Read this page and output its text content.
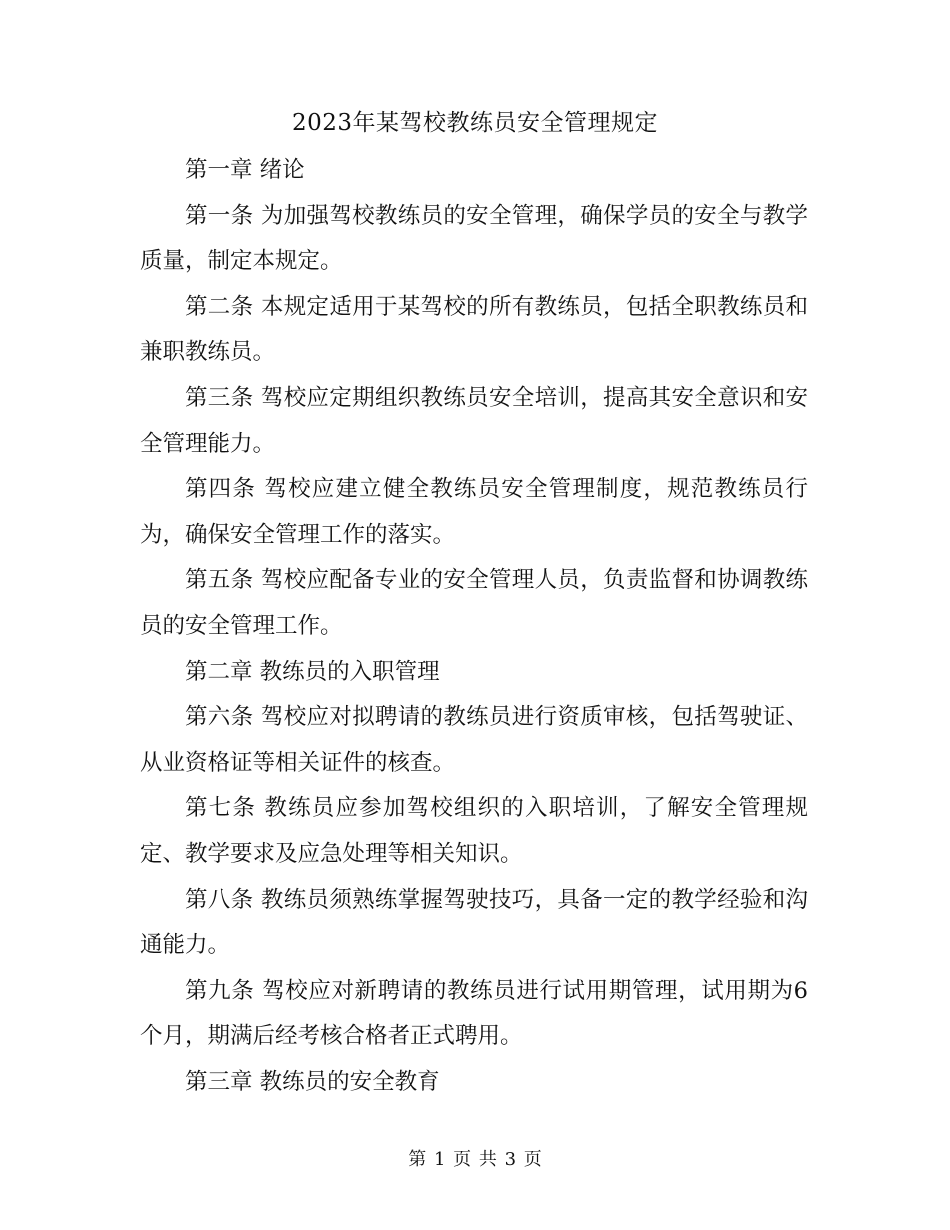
2023年某驾校教练员安全管理规定

第一章 绪论

第一条 为加强驾校教练员的安全管理，确保学员的安全与教学质量，制定本规定。

第二条 本规定适用于某驾校的所有教练员，包括全职教练员和兼职教练员。

第三条 驾校应定期组织教练员安全培训，提高其安全意识和安全管理能力。

第四条 驾校应建立健全教练员安全管理制度，规范教练员行为，确保安全管理工作的落实。

第五条 驾校应配备专业的安全管理人员，负责监督和协调教练员的安全管理工作。

第二章 教练员的入职管理

第六条 驾校应对拟聘请的教练员进行资质审核，包括驾驶证、从业资格证等相关证件的核查。

第七条 教练员应参加驾校组织的入职培训，了解安全管理规定、教学要求及应急处理等相关知识。

第八条 教练员须熟练掌握驾驶技巧，具备一定的教学经验和沟通能力。

第九条 驾校应对新聘请的教练员进行试用期管理，试用期为6个月，期满后经考核合格者正式聘用。

第三章 教练员的安全教育

第 1 页 共 3 页
